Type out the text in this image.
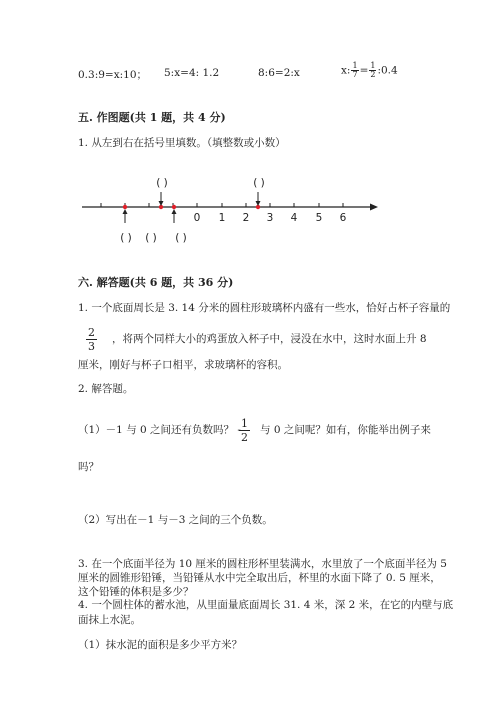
0.3:9=x:10； 5:x=4: 1.2	8:6=2:x	x: $\frac{1}{7} = \frac{1}{2}$ :0.4
五. 作图题(共 1 题，共 4 分)
1. 从左到右在括号里填数。（填整数或小数）
0 1 2 3 4 5 6
( )	( )
( ) ( ) ( )
六. 解答题(共 6 题，共 36 分)
1. 一个底面周长是 3. 14 分米的圆柱形玻璃杯内盛有一些水，恰好占杯子容量的
$\frac{2}{3}$ ，将两个同样大小的鸡蛋放入杯子中，浸没在水中，这时水面上升 8
厘米，刚好与杯子口相平，求玻璃杯的容积。
2. 解答题。
（1）－1 与 0 之间还有负数吗？ -
$\frac{1}{2}$ 与 0 之间呢？如有，你能举出例子来
吗？
（2）写出在－1 与－3 之间的三个负数。
3. 在一个底面半径为 10 厘米的圆柱形杯里装满水，水里放了一个底面半径为 5
厘米的圆锥形铅锤，当铅锤从水中完全取出后，杯里的水面下降了 0. 5 厘米，
这个铅锤的体积是多少？
4. 一个圆柱体的蓄水池，从里面量底面周长 31. 4 米，深 2 米，在它的内壁与底
面抹上水泥。
（1）抹水泥的面积是多少平方米？
